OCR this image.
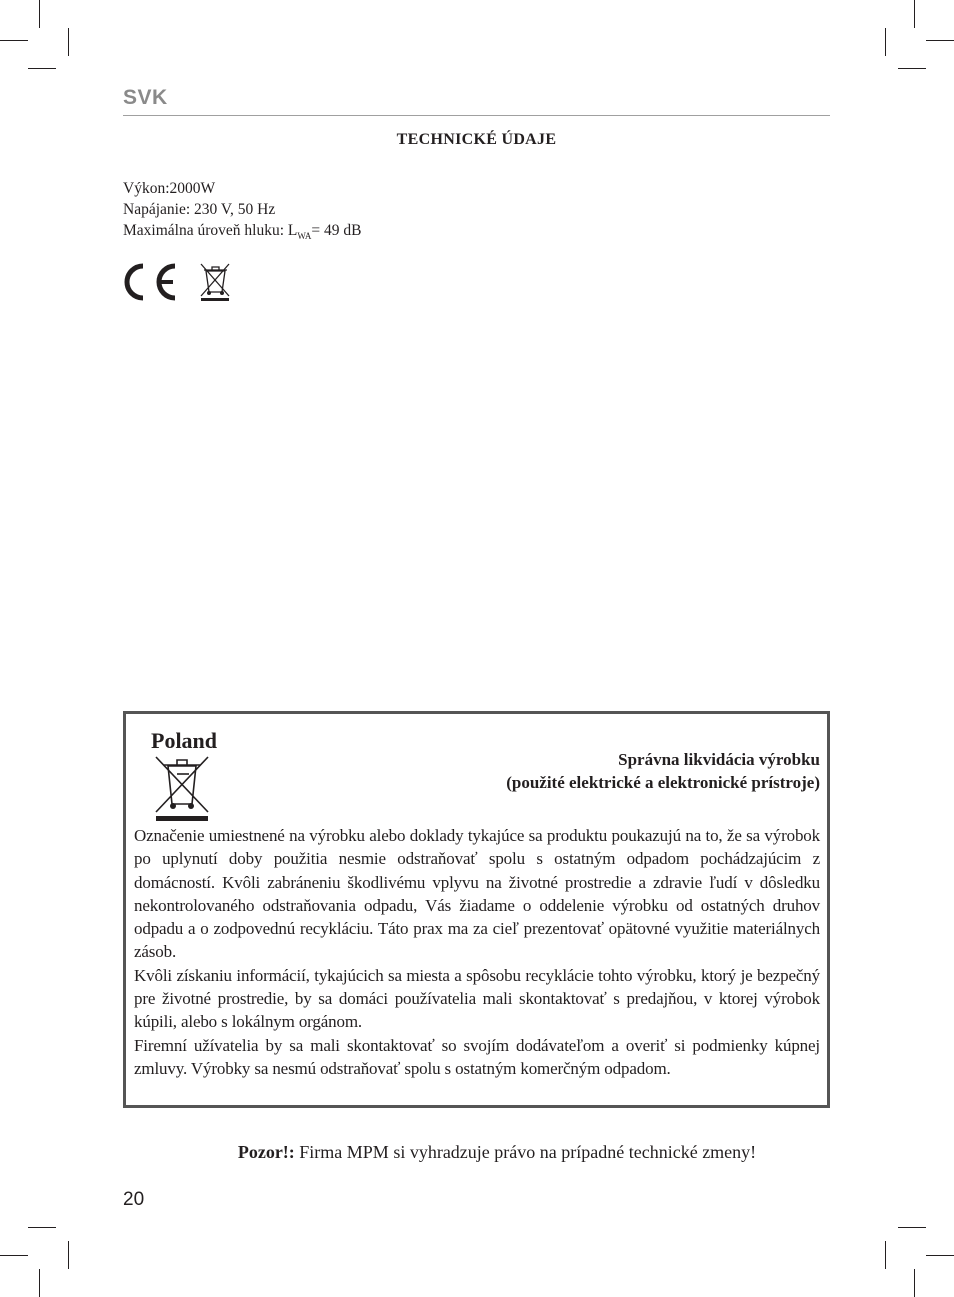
SVK
TECHNICKÉ ÚDAJE
Výkon:2000W
Napájanie: 230 V, 50 Hz
Maximálna úroveň hluku: $L_{WA}= 49$ dB
Poland
Správna likvidácia výrobku
(použité elektrické a elektronické prístroje)

Označenie umiestnené na výrobku alebo doklady tykajúce sa produktu poukazujú na to, že sa výrobok po uplynutí doby použitia nesmie odstraňovať spolu s ostatným odpadom pochádzajúcim z domácností. Kvôli zabráneniu škodlivému vplyvu na životné prostredie a zdravie ľudí v dôsledku nekontrolovaného odstraňovania odpadu, Vás žiadame o oddelenie výrobku od ostatných druhov odpadu a o zodpovednú recykláciu. Táto prax ma za cieľ prezentovať opätovné využitie materiálnych zásob.

Kvôli získaniu informácií, tykajúcich sa miesta a spôsobu recyklácie tohto výrobku, ktorý je bezpečný pre životné prostredie, by sa domáci používatelia mali skontaktovať s predajňou, v ktorej výrobok kúpili, alebo s lokálnym orgánom.

Firemní užívatelia by sa mali skontaktovať so svojím dodávateľom a overiť si podmienky kúpnej zmluvy. Výrobky sa nesmú odstraňovať spolu s ostatným komerčným odpadom.

Pozor!: Firma MPM si vyhradzuje právo na prípadné technické zmeny!
20
